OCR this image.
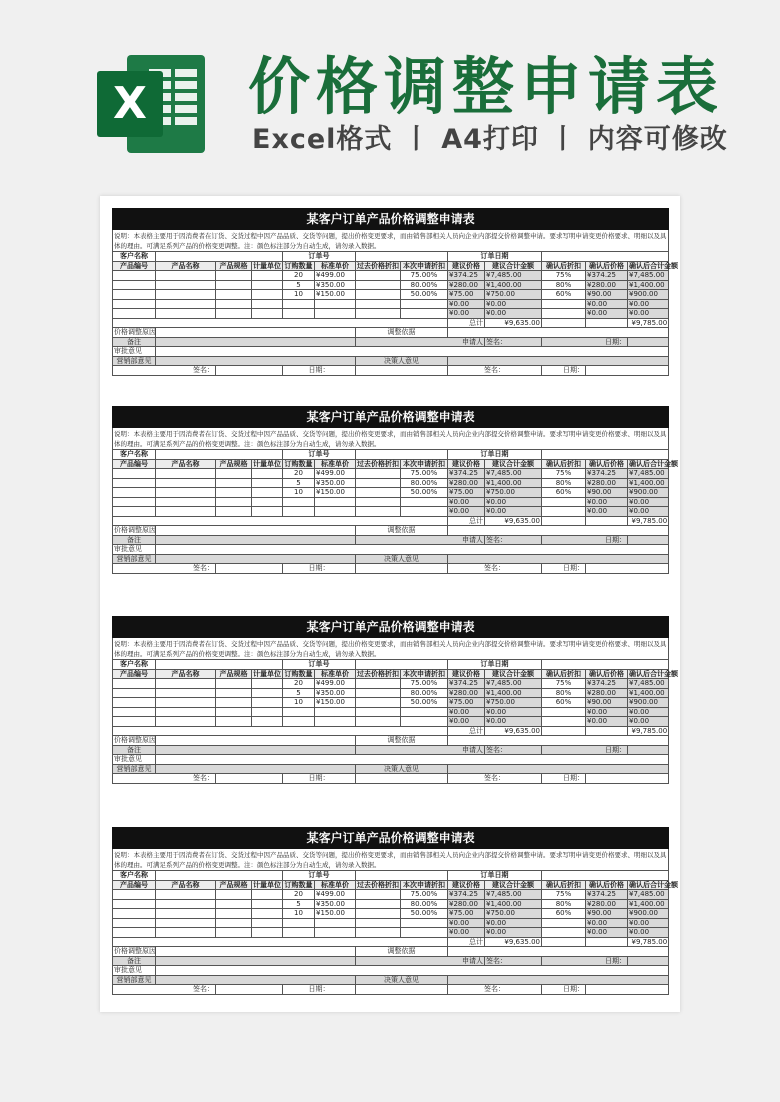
X 价格调整申请表
Excel格式 丨 A4打印 丨 内容可修改
某客户订单产品价格调整申请表												
说明：本表格主要用于因消费者在订货、交货过程中因产品品质、交货等问题，提出价格变更要求，而由销售部相关人员向企业内部提交价格调整申请。要求写明申请变更价格要求、明细以及具体的理由。可满足系列产品的价格变更调整。注：颜色标注部分为自动生成，请勿录入数据。												
客户名称				订单号				订单日期				
产品编号	产品名称	产品规格	计量单位	订购数量	标准单价	过去价格折扣	本次申请折扣	建议价格	建议合计金额	确认后折扣	确认后价格	确认后合计金额
				20	¥499.00		75.00%	¥374.25	¥7,485.00	75%	¥374.25	¥7,485.00
				5	¥350.00		80.00%	¥280.00	¥1,400.00	80%	¥280.00	¥1,400.00
				10	¥150.00		50.00%	¥75.00	¥750.00	60%	¥90.00	¥900.00
								¥0.00	¥0.00		¥0.00	¥0.00
								¥0.00	¥0.00		¥0.00	¥0.00
								总计	¥9,635.00			¥9,785.00
价格调整原因						调整依据						
备注						申请人			签名：	日期：		
审批意见												
营销部意见						决策人意见						
签名：				日期：				签名：		日期：		
某客户订单产品价格调整申请表												
说明：本表格主要用于因消费者在订货、交货过程中因产品品质、交货等问题，提出价格变更要求，而由销售部相关人员向企业内部提交价格调整申请。要求写明申请变更价格要求、明细以及具体的理由。可满足系列产品的价格变更调整。注：颜色标注部分为自动生成，请勿录入数据。												
客户名称				订单号				订单日期				
产品编号	产品名称	产品规格	计量单位	订购数量	标准单价	过去价格折扣	本次申请折扣	建议价格	建议合计金额	确认后折扣	确认后价格	确认后合计金额
				20	¥499.00		75.00%	¥374.25	¥7,485.00	75%	¥374.25	¥7,485.00
				5	¥350.00		80.00%	¥280.00	¥1,400.00	80%	¥280.00	¥1,400.00
				10	¥150.00		50.00%	¥75.00	¥750.00	60%	¥90.00	¥900.00
								¥0.00	¥0.00		¥0.00	¥0.00
								¥0.00	¥0.00		¥0.00	¥0.00
								总计	¥9,635.00			¥9,785.00
价格调整原因						调整依据						
备注						申请人			签名：	日期：		
审批意见												
营销部意见						决策人意见						
签名：				日期：				签名：		日期：		
某客户订单产品价格调整申请表												
说明：本表格主要用于因消费者在订货、交货过程中因产品品质、交货等问题，提出价格变更要求，而由销售部相关人员向企业内部提交价格调整申请。要求写明申请变更价格要求、明细以及具体的理由。可满足系列产品的价格变更调整。注：颜色标注部分为自动生成，请勿录入数据。												
客户名称				订单号				订单日期				
产品编号	产品名称	产品规格	计量单位	订购数量	标准单价	过去价格折扣	本次申请折扣	建议价格	建议合计金额	确认后折扣	确认后价格	确认后合计金额
				20	¥499.00		75.00%	¥374.25	¥7,485.00	75%	¥374.25	¥7,485.00
				5	¥350.00		80.00%	¥280.00	¥1,400.00	80%	¥280.00	¥1,400.00
				10	¥150.00		50.00%	¥75.00	¥750.00	60%	¥90.00	¥900.00
								¥0.00	¥0.00		¥0.00	¥0.00
								¥0.00	¥0.00		¥0.00	¥0.00
								总计	¥9,635.00			¥9,785.00
价格调整原因						调整依据						
备注						申请人			签名：	日期：		
审批意见												
营销部意见						决策人意见						
签名：				日期：				签名：		日期：		
某客户订单产品价格调整申请表												
说明：本表格主要用于因消费者在订货、交货过程中因产品品质、交货等问题，提出价格变更要求，而由销售部相关人员向企业内部提交价格调整申请。要求写明申请变更价格要求、明细以及具体的理由。可满足系列产品的价格变更调整。注：颜色标注部分为自动生成，请勿录入数据。												
客户名称				订单号				订单日期				
产品编号	产品名称	产品规格	计量单位	订购数量	标准单价	过去价格折扣	本次申请折扣	建议价格	建议合计金额	确认后折扣	确认后价格	确认后合计金额
				20	¥499.00		75.00%	¥374.25	¥7,485.00	75%	¥374.25	¥7,485.00
				5	¥350.00		80.00%	¥280.00	¥1,400.00	80%	¥280.00	¥1,400.00
				10	¥150.00		50.00%	¥75.00	¥750.00	60%	¥90.00	¥900.00
								¥0.00	¥0.00		¥0.00	¥0.00
								¥0.00	¥0.00		¥0.00	¥0.00
								总计	¥9,635.00			¥9,785.00
价格调整原因						调整依据						
备注						申请人			签名：	日期：		
审批意见												
营销部意见						决策人意见						
签名：				日期：				签名：		日期：		
